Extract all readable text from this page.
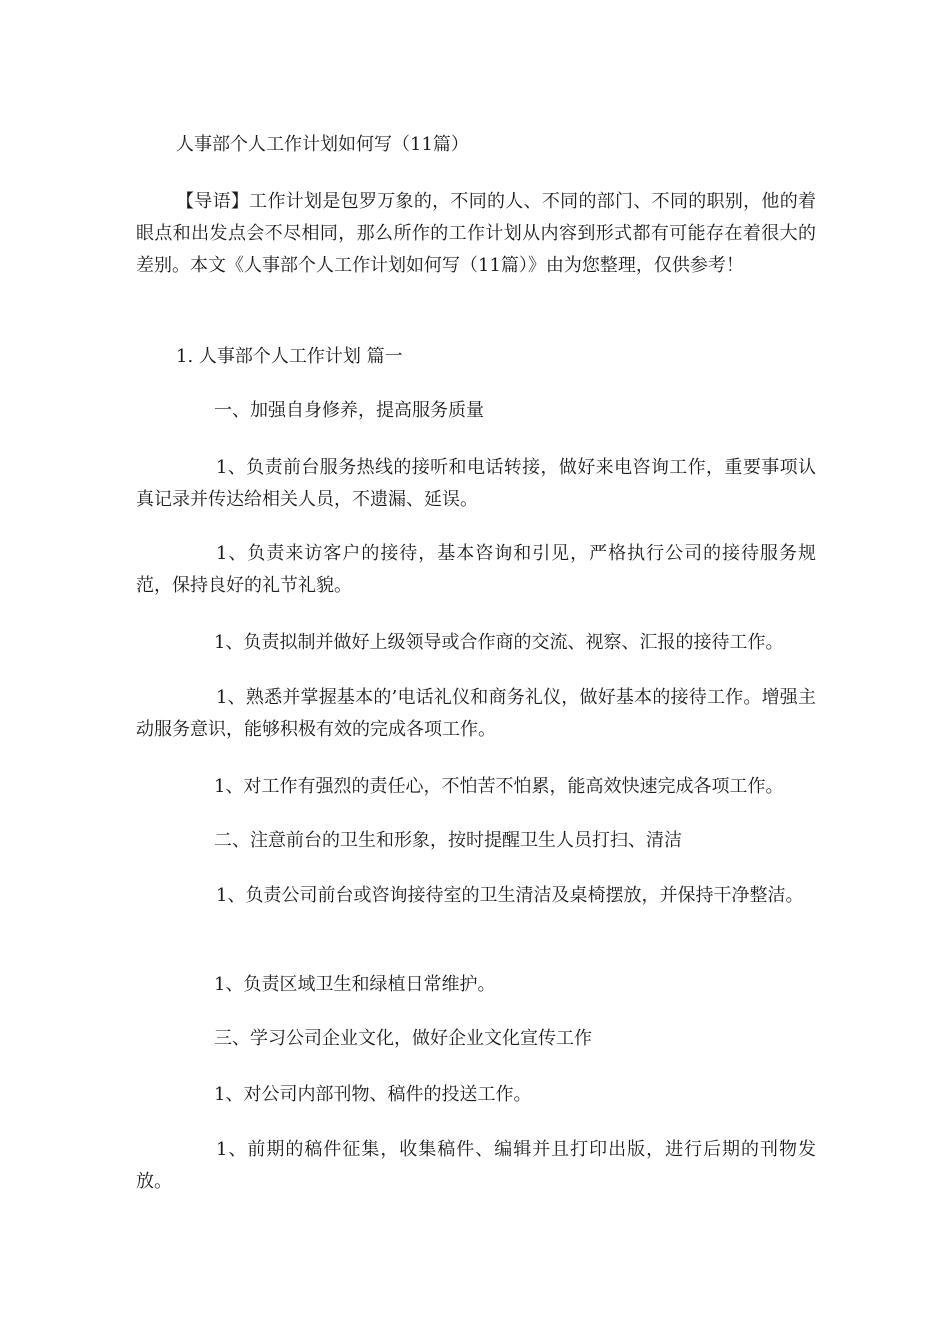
人事部个人工作计划如何写（11篇）
【导语】工作计划是包罗万象的，不同的人、不同的部门、不同的职别，他的着眼点和出发点会不尽相同，那么所作的工作计划从内容到形式都有可能存在着很大的差别。本文《人事部个人工作计划如何写（11篇）》由为您整理，仅供参考！
1. 人事部个人工作计划 篇一
一、加强自身修养，提高服务质量
1、负责前台服务热线的接听和电话转接，做好来电咨询工作，重要事项认真记录并传达给相关人员，不遗漏、延误。
1、负责来访客户的接待，基本咨询和引见，严格执行公司的接待服务规范，保持良好的礼节礼貌。
1、负责拟制并做好上级领导或合作商的交流、视察、汇报的接待工作。
1、熟悉并掌握基本的’电话礼仪和商务礼仪，做好基本的接待工作。增强主动服务意识，能够积极有效的完成各项工作。
1、对工作有强烈的责任心，不怕苦不怕累，能高效快速完成各项工作。
二、注意前台的卫生和形象，按时提醒卫生人员打扫、清洁
1、负责公司前台或咨询接待室的卫生清洁及桌椅摆放，并保持干净整洁。
1、负责区域卫生和绿植日常维护。
三、学习公司企业文化，做好企业文化宣传工作
1、对公司内部刊物、稿件的投送工作。
1、前期的稿件征集，收集稿件、编辑并且打印出版，进行后期的刊物发放。
